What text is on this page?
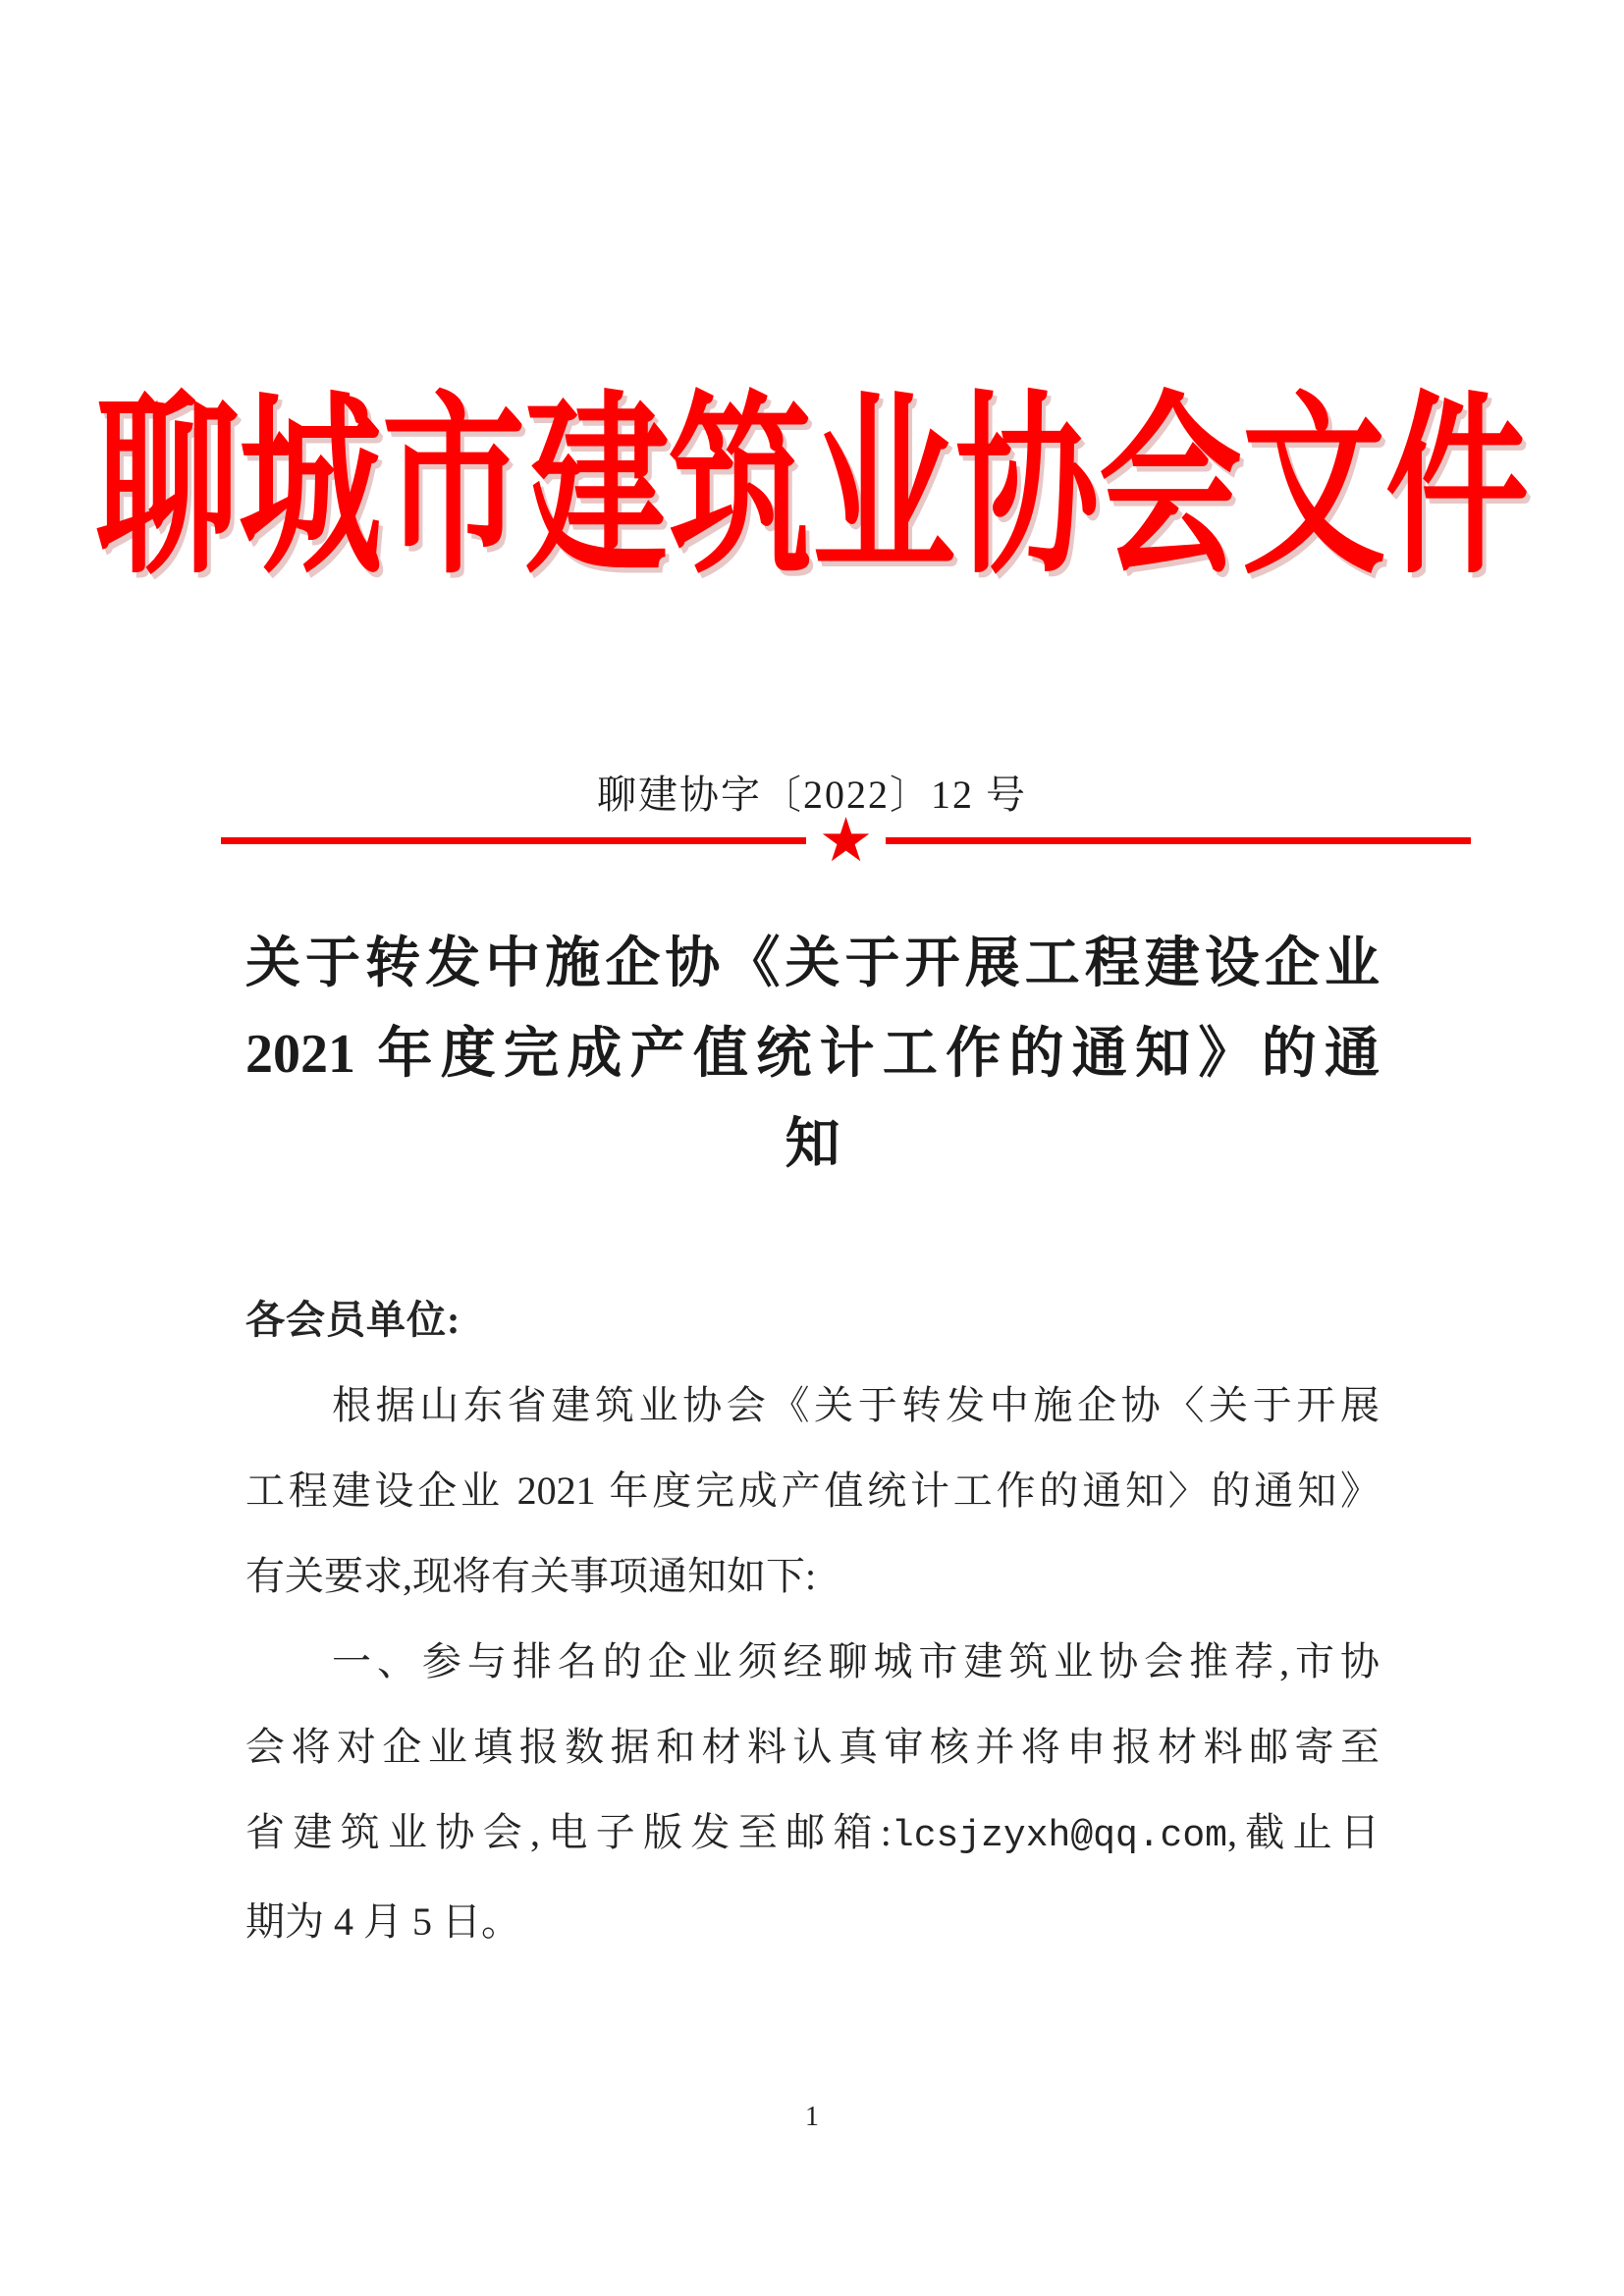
聊城市建筑业协会文件
聊建协字〔2022〕12 号
★
关于转发中施企协《关于开展工程建设企业
2021 年度完成产值统计工作的通知》的通
知
各会员单位:
根据山东省建筑业协会《关于转发中施企协〈关于开展
工程建设企业 2021 年度完成产值统计工作的通知〉的通知》
有关要求,现将有关事项通知如下:
一、参与排名的企业须经聊城市建筑业协会推荐,市协
会将对企业填报数据和材料认真审核并将申报材料邮寄至
省建筑业协会,电子版发至邮箱:lcsjzyxh@qq.com,截止日
期为 4 月 5 日。
1
